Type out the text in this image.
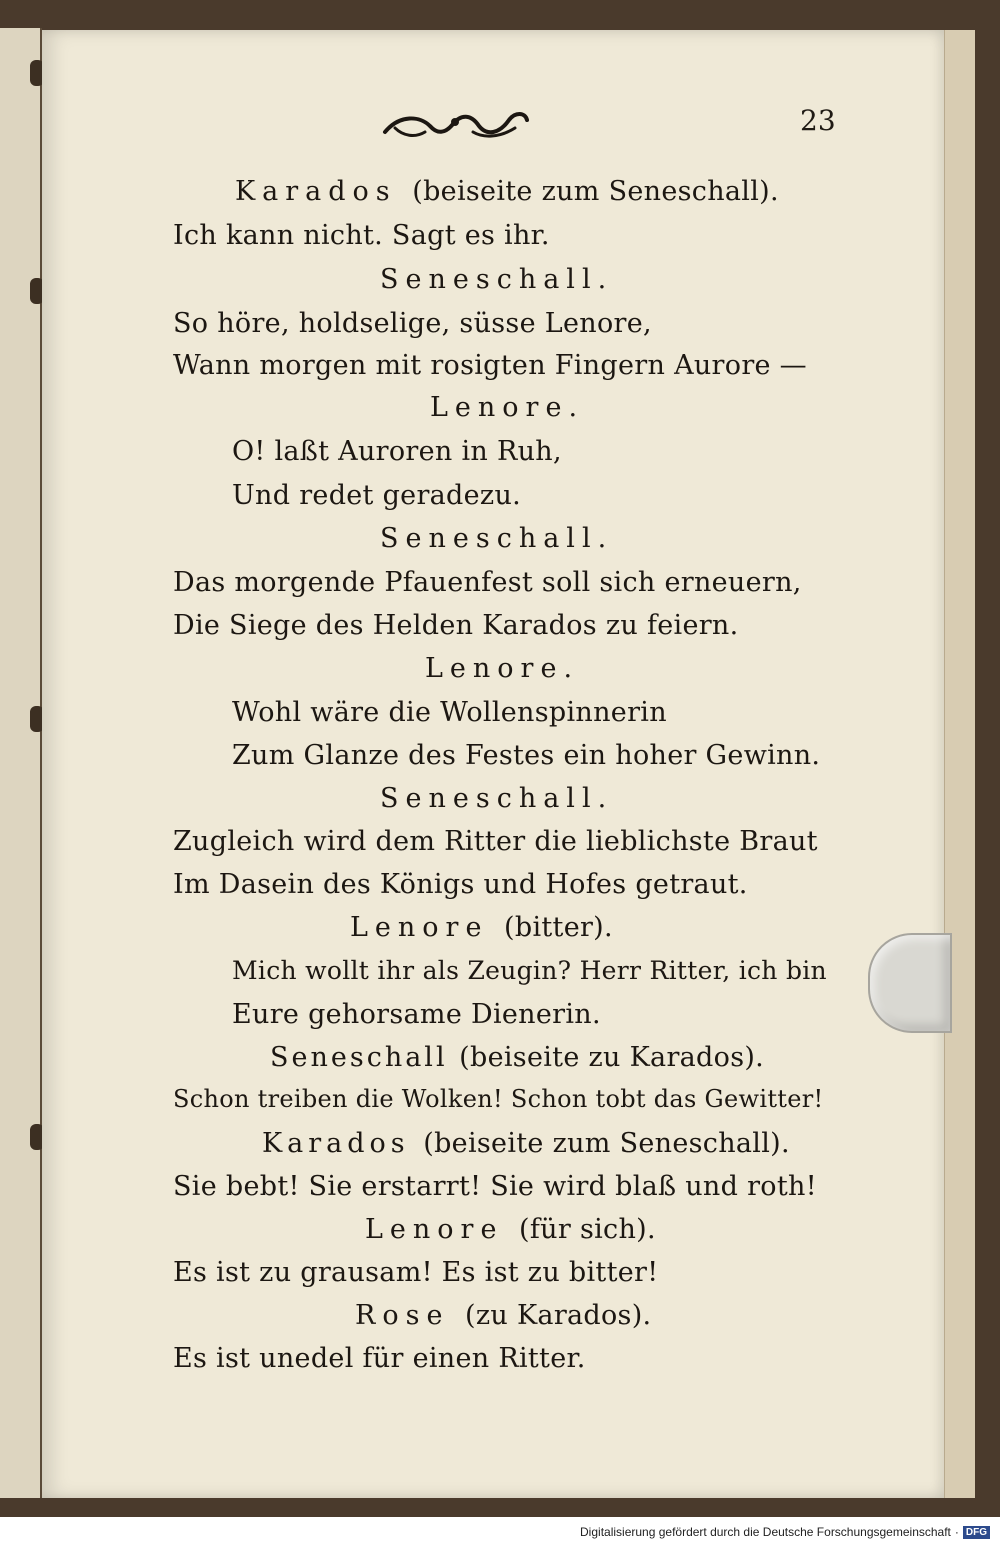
23
Karados (beiseite zum Seneschall).
Ich kann nicht. Sagt es ihr.
Seneschall.
So höre, holdselige, süsse Lenore,
Wann morgen mit rosigten Fingern Aurore —
Lenore.
O! laßt Auroren in Ruh,
Und redet geradezu.
Seneschall.
Das morgende Pfauenfest soll sich erneuern,
Die Siege des Helden Karados zu feiern.
Lenore.
Wohl wäre die Wollenspinnerin
Zum Glanze des Festes ein hoher Gewinn.
Seneschall.
Zugleich wird dem Ritter die lieblichste Braut
Im Dasein des Königs und Hofes getraut.
Lenore (bitter).
Mich wollt ihr als Zeugin? Herr Ritter, ich bin
Eure gehorsame Dienerin.
Seneschall (beiseite zu Karados).
Schon treiben die Wolken! Schon tobt das Gewitter!
Karados (beiseite zum Seneschall).
Sie bebt! Sie erstarrt! Sie wird blaß und roth!
Lenore (für sich).
Es ist zu grausam! Es ist zu bitter!
Rose (zu Karados).
Es ist unedel für einen Ritter.
Digitalisierung gefördert durch die Deutsche Forschungsgemeinschaft · DFG
